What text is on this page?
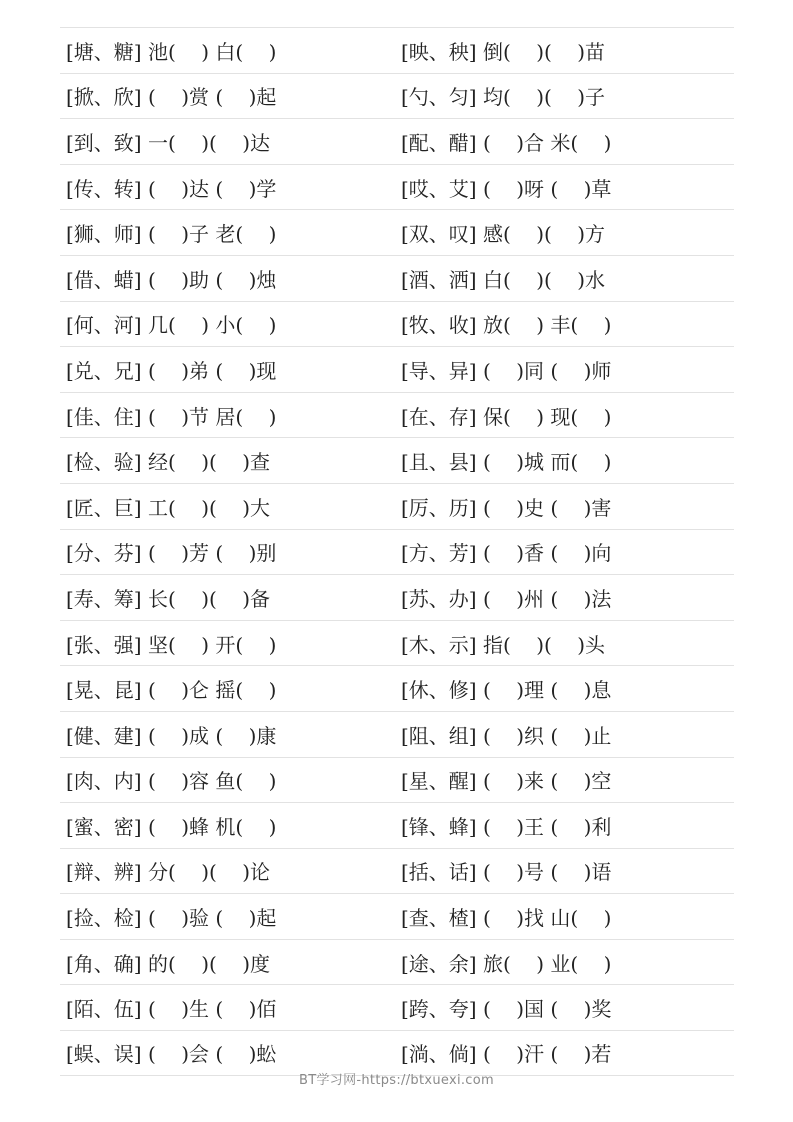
[塘、糖] 池(    ) 白(    )	[映、秧] 倒(    )(    )苗
[掀、欣] (    )赏 (    )起	[勺、匀] 均(    )(    )子
[到、致] 一(    )(    )达	[配、醋] (    )合 米(    )
[传、转] (    )达 (    )学	[哎、艾] (    )呀 (    )草
[狮、师] (    )子 老(    )	[双、叹] 感(    )(    )方
[借、蜡] (    )助 (    )烛	[酒、洒] 白(    )(    )水
[何、河] 几(    ) 小(    )	[牧、收] 放(    ) 丰(    )
[兑、兄] (    )弟 (    )现	[导、异] (    )同 (    )师
[佳、住] (    )节 居(    )	[在、存] 保(    ) 现(    )
[检、验] 经(    )(    )查	[且、县] (    )城 而(    )
[匠、巨] 工(    )(    )大	[厉、历] (    )史 (    )害
[分、芬] (    )芳 (    )别	[方、芳] (    )香 (    )向
[寿、筹] 长(    )(    )备	[苏、办] (    )州 (    )法
[张、强] 坚(    ) 开(    )	[木、示] 指(    )(    )头
[晃、昆] (    )仑 摇(    )	[休、修] (    )理 (    )息
[健、建] (    )成 (    )康	[阻、组] (    )织 (    )止
[肉、内] (    )容 鱼(    )	[星、醒] (    )来 (    )空
[蜜、密] (    )蜂 机(    )	[锋、蜂] (    )王 (    )利
[辩、辨] 分(    )(    )论	[括、话] (    )号 (    )语
[捡、检] (    )验 (    )起	[查、楂] (    )找 山(    )
[角、确] 的(    )(    )度	[途、余] 旅(    ) 业(    )
[陌、伍] (    )生 (    )佰	[跨、夸] (    )国 (    )奖
[蜈、误] (    )会 (    )蚣	[淌、倘] (    )汗 (    )若
BT学习网-https://btxuexi.com
